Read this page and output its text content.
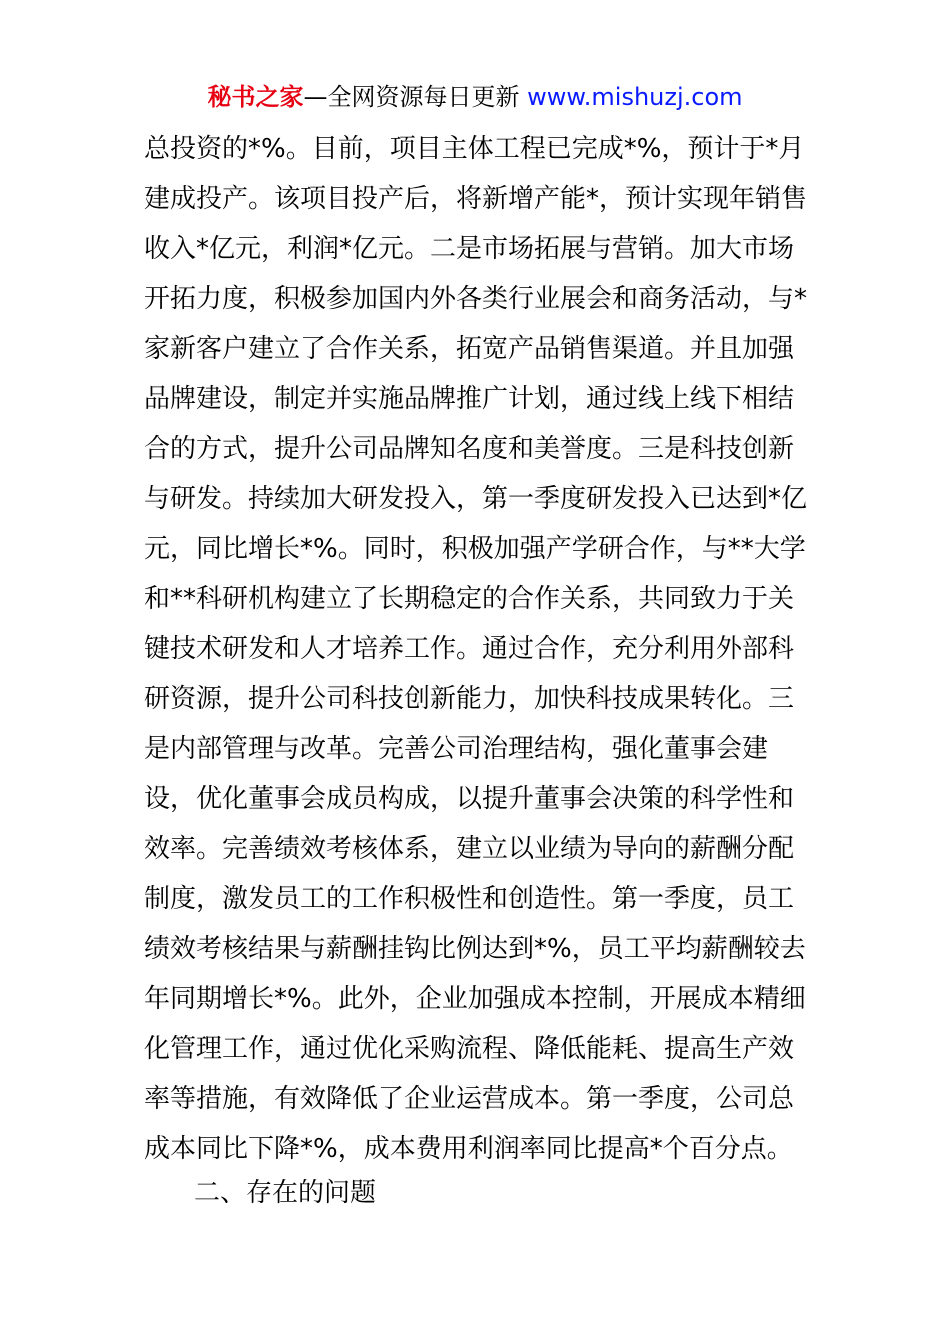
秘书之家—全网资源每日更新 www.mishuzj.com
总投资的*%。目前，项目主体工程已完成*%，预计于*月
建成投产。该项目投产后，将新增产能*，预计实现年销售
收入*亿元，利润*亿元。二是市场拓展与营销。加大市场
开拓力度，积极参加国内外各类行业展会和商务活动，与*
家新客户建立了合作关系，拓宽产品销售渠道。并且加强
品牌建设，制定并实施品牌推广计划，通过线上线下相结
合的方式，提升公司品牌知名度和美誉度。三是科技创新
与研发。持续加大研发投入，第一季度研发投入已达到*亿
元，同比增长*%。同时，积极加强产学研合作，与**大学
和**科研机构建立了长期稳定的合作关系，共同致力于关
键技术研发和人才培养工作。通过合作，充分利用外部科
研资源，提升公司科技创新能力，加快科技成果转化。三
是内部管理与改革。完善公司治理结构，强化董事会建
设，优化董事会成员构成，以提升董事会决策的科学性和
效率。完善绩效考核体系，建立以业绩为导向的薪酬分配
制度，激发员工的工作积极性和创造性。第一季度，员工
绩效考核结果与薪酬挂钩比例达到*%，员工平均薪酬较去
年同期增长*%。此外，企业加强成本控制，开展成本精细
化管理工作，通过优化采购流程、降低能耗、提高生产效
率等措施，有效降低了企业运营成本。第一季度，公司总
成本同比下降*%，成本费用利润率同比提高*个百分点。
二、存在的问题
